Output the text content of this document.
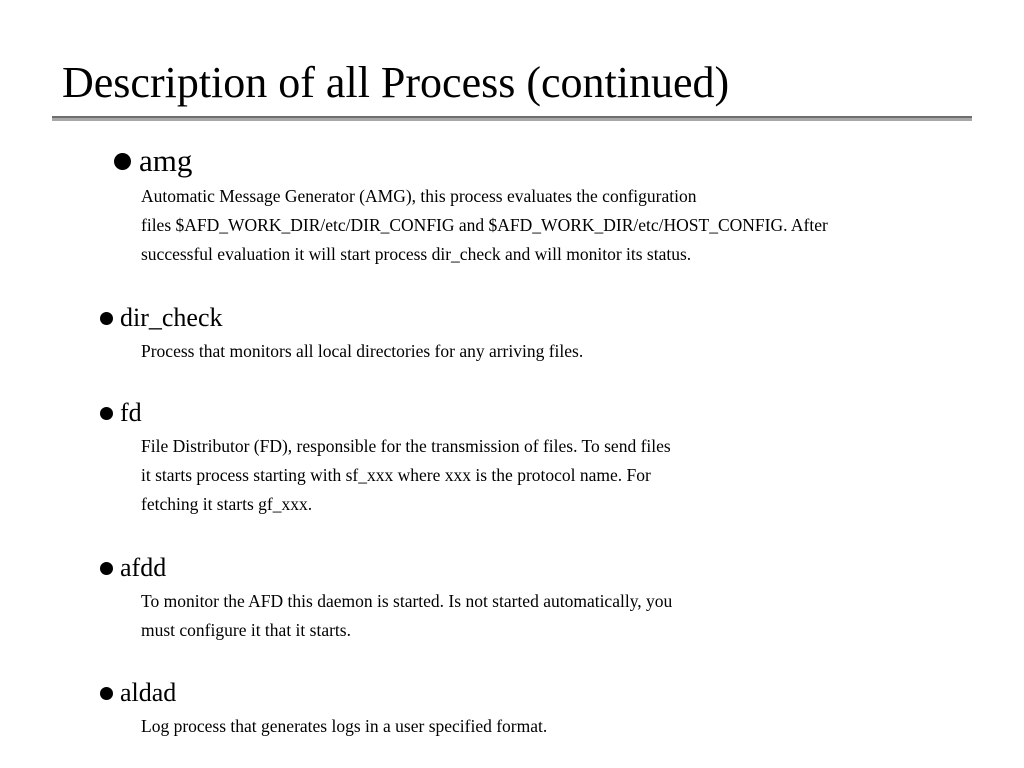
Description of all Process (continued)
amg

Automatic Message Generator (AMG), this process evaluates the configuration
files $AFD_WORK_DIR/etc/DIR_CONFIG and $AFD_WORK_DIR/etc/HOST_CONFIG. After
successful evaluation it will start process dir_check and will monitor its status.

dir_check

Process that monitors all local directories for any arriving files.

fd

File Distributor (FD), responsible for the transmission of files. To send files
it starts process starting with sf_xxx where xxx is the protocol name. For
fetching it starts gf_xxx.

afdd

To monitor the AFD this daemon is started. Is not started automatically, you
must configure it that it starts.

aldad

Log process that generates logs in a user specified format.
